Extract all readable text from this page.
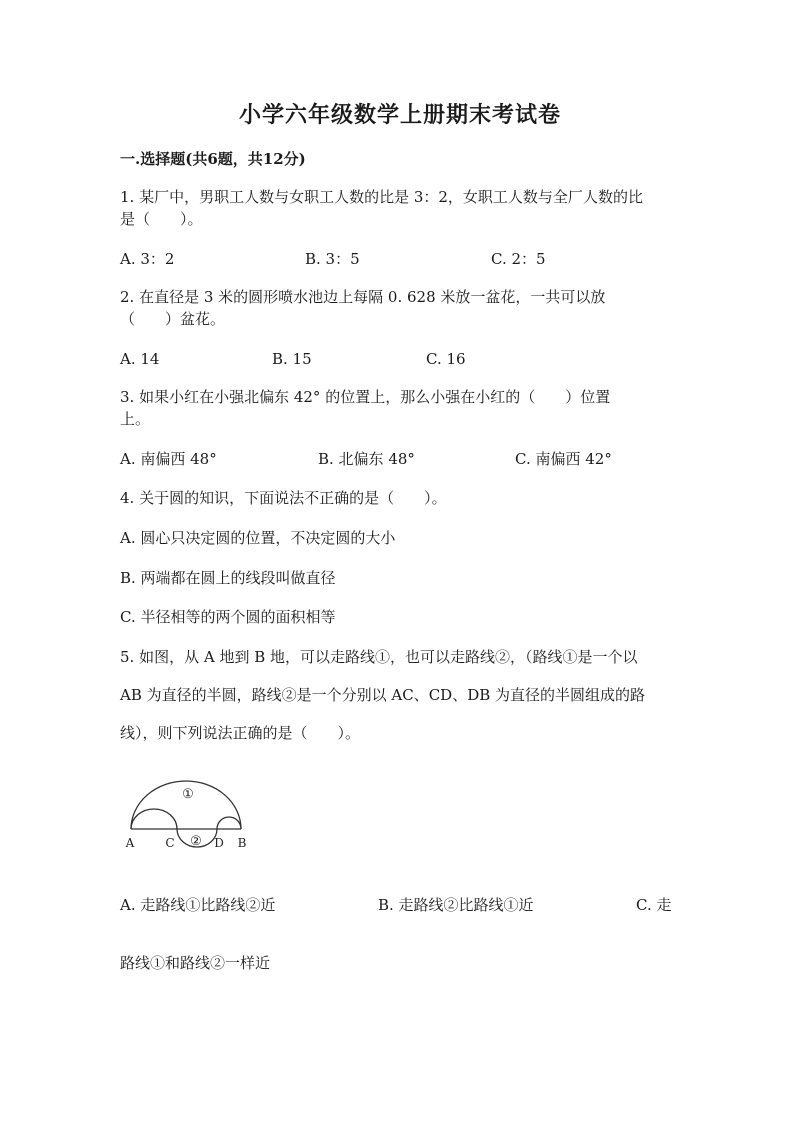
小学六年级数学上册期末考试卷
一.选择题(共6题，共12分)
1. 某厂中，男职工人数与女职工人数的比是 3：2，女职工人数与全厂人数的比
是（　　）。
A. 3：2	B. 3：5	C. 2：5
2. 在直径是 3 米的圆形喷水池边上每隔 0. 628 米放一盆花，一共可以放
（　　）盆花。
A. 14	B. 15	C. 16
3. 如果小红在小强北偏东 42° 的位置上，那么小强在小红的（　　）位置
上。
A. 南偏西 48°	B. 北偏东 48°	C. 南偏西 42°
4. 关于圆的知识，下面说法不正确的是（　　）。
A. 圆心只决定圆的位置，不决定圆的大小
B. 两端都在圆上的线段叫做直径
C. 半径相等的两个圆的面积相等
5. 如图，从 A 地到 B 地，可以走路线①，也可以走路线②，（路线①是一个以
AB 为直径的半圆，路线②是一个分别以 AC、CD、DB 为直径的半圆组成的路
线），则下列说法正确的是（　　）。
①
②
A	C	D B
A. 走路线①比路线②近	B. 走路线②比路线①近	C. 走
路线①和路线②一样近
